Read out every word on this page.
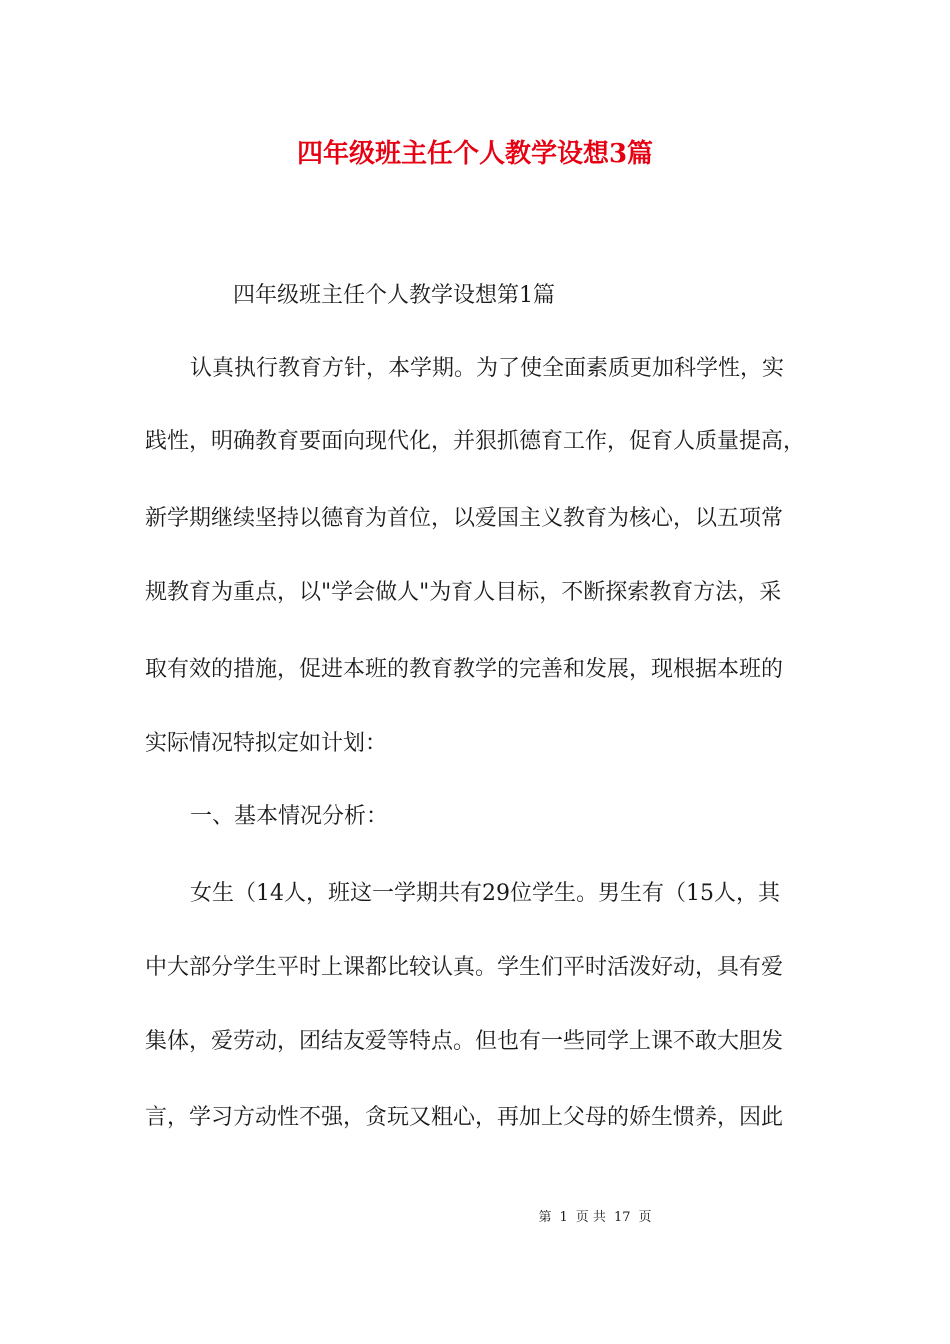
四年级班主任个人教学设想3篇

四年级班主任个人教学设想第1篇

认真执行教育方针，本学期。为了使全面素质更加科学性，实

践性，明确教育要面向现代化，并狠抓德育工作，促育人质量提高，

新学期继续坚持以德育为首位，以爱国主义教育为核心，以五项常

规教育为重点，以"学会做人"为育人目标，不断探索教育方法，采

取有效的措施，促进本班的教育教学的完善和发展，现根据本班的

实际情况特拟定如计划：

一、基本情况分析：

女生（14人，班这一学期共有29位学生。男生有（15人，其

中大部分学生平时上课都比较认真。学生们平时活泼好动，具有爱

集体，爱劳动，团结友爱等特点。但也有一些同学上课不敢大胆发

言，学习方动性不强，贪玩又粗心，再加上父母的娇生惯养，因此

第 1 页 共 17 页
